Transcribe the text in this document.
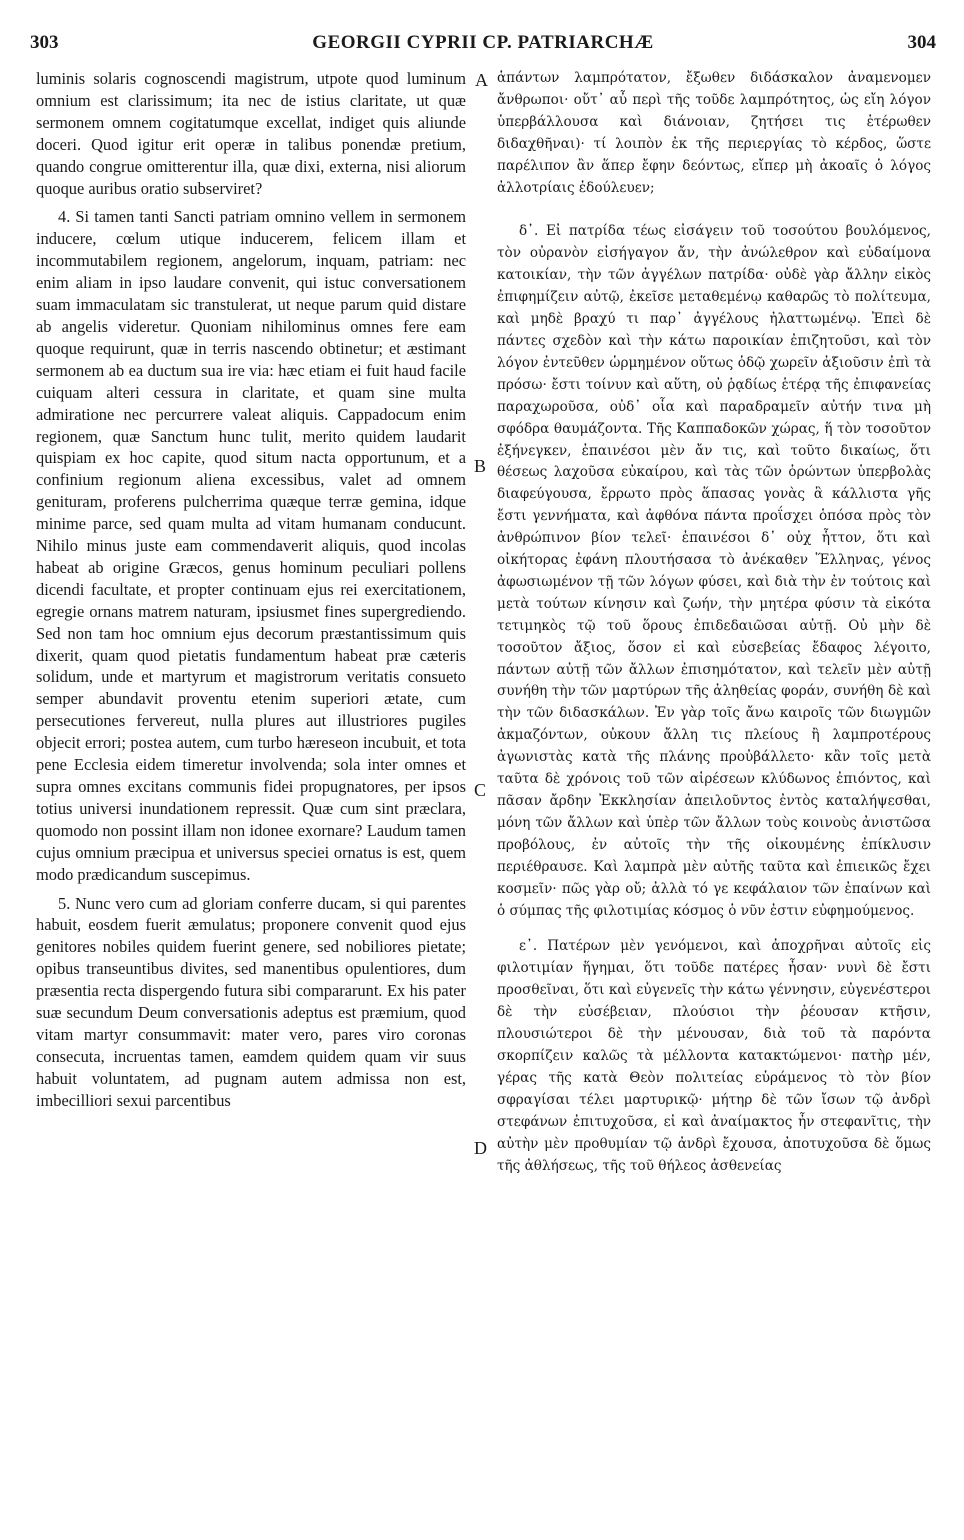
303	GEORGII CYPRII CP. PATRIARCHÆ	304

luminis solaris cognoscendi magistrum, utpote quod luminum omnium est clarissimum; ita nec de istius claritate, ut quæ sermonem omnem cogitatumque excellat, indiget quis aliunde doceri. Quod igitur erit operæ in talibus ponendæ pretium, quando congrue omitterentur illa, quæ dixi, externa, nisi aliorum quoque auribus oratio subserviret?

4. Si tamen tanti Sancti patriam omnino vellem in sermonem inducere, cœlum utique inducerem, felicem illam et incommutabilem regionem, angelorum, inquam, patriam: nec enim aliam in ipso laudare convenit, qui istuc conversationem suam immaculatam sic transtulerat, ut neque parum quid distare ab angelis videretur. Quoniam nihilominus omnes fere eam quoque requirunt, quæ in terris nascendo obtinetur; et æstimant sermonem ab ea ductum sua ire via: hæc etiam ei fuit haud facile cuiquam alteri cessura in claritate, et quam sine multa admiratione nec percurrere valeat aliquis. Cappadocum enim regionem, quæ Sanctum hunc tulit, merito quidem laudarit quispiam ex hoc capite, quod situm nacta opportunum, et a confinium regionum aliena excessibus, valet ad omnem genituram, proferens pulcherrima quæque terræ gemina, idque minime parce, sed quam multa ad vitam humanam conducunt. Nihilo minus juste eam commendaverit aliquis, quod incolas habeat ab origine Græcos, genus hominum peculiari pollens dicendi facultate, et propter continuam ejus rei exercitationem, egregie ornans matrem naturam, ipsiusmet fines supergrediendo. Sed non tam hoc omnium ejus decorum præstantissimum quis dixerit, quam quod pietatis fundamentum habeat præ cæteris solidum, unde et martyrum et magistrorum veritatis consueto semper abundavit proventu etenim superiori ætate, cum persecutiones fervereut, nulla plures aut illustriores pugiles objecit errori; postea autem, cum turbo hæreseon incubuit, et tota pene Ecclesia eidem timeretur involvenda; sola inter omnes et supra omnes excitans communis fidei propugnatores, per ipsos totius universi inundationem repressit. Quæ cum sint præclara, quomodo non possint illam non idonee exornare? Laudum tamen cujus omnium præcipua et universus speciei ornatus is est, quem modo prædicandum suscepimus.

5. Nunc vero cum ad gloriam conferre ducam, si qui parentes habuit, eosdem fuerit æmulatus; proponere convenit quod ejus genitores nobiles quidem fuerint genere, sed nobiliores pietate; opibus transeuntibus divites, sed manentibus opulentiores, dum præsentia recta dispergendo futura sibi compararunt. Ex his pater suæ secundum Deum conversationis adeptus est præmium, quod vitam martyr consummavit: mater vero, pares viro coronas consecuta, incruentas tamen, eamdem quidem quam vir suus habuit voluntatem, ad pugnam autem admissa non est, imbecilliori sexui parcentibus

A
B
C
D

ἁπάντων λαμπρότατον, ἔξωθεν διδάσκαλον ἀναμενομεν ἄνθρωποι· οὔτ᾽ αὖ περὶ τῆς τοῦδε λαμπρότητος, ὡς εἴη λόγον ὑπερβάλλουσα καὶ διάνοιαν, ζητήσει τις ἑτέρωθεν διδαχθῆναι)· τί λοιπὸν ἐκ τῆς περιεργίας τὸ κέρδος, ὥστε παρέλιπον ἂν ἅπερ ἔφην δεόντως, εἴπερ μὴ ἀκοαῖς ὁ λόγος ἀλλοτρίαις ἐδούλευεν;

δ᾽. Εἰ πατρίδα τέως εἰσάγειν τοῦ τοσούτου βουλόμενος, τὸν οὐρανὸν εἰσήγαγον ἄν, τὴν ἀνώλεθρον καὶ εὐδαίμονα κατοικίαν, τὴν τῶν ἀγγέλων πατρίδα· οὐδὲ γὰρ ἄλλην εἰκὸς ἐπιφημίζειν αὐτῷ, ἐκεῖσε μεταθεμένῳ καθαρῶς τὸ πολίτευμα, καὶ μηδὲ βραχύ τι παρ᾽ ἀγγέλους ἠλαττωμένῳ. Ἐπεὶ δὲ πάντες σχεδὸν καὶ τὴν κάτω παροικίαν ἐπιζητοῦσι, καὶ τὸν λόγον ἐντεῦθεν ὡρμημένον οὕτως ὁδῷ χωρεῖν ἀξιοῦσιν ἐπὶ τὰ πρόσω· ἔστι τοίνυν καὶ αὕτη, οὐ ῥᾳδίως ἑτέρᾳ τῆς ἐπιφανείας παραχωροῦσα, οὐδ᾽ οἷα καὶ παραδραμεῖν αὐτήν τινα μὴ σφόδρα θαυμάζοντα. Τῆς Καππαδοκῶν χώρας, ἥ τὸν τοσοῦτον ἐξήνεγκεν, ἐπαινέσοι μὲν ἄν τις, καὶ τοῦτο δικαίως, ὅτι θέσεως λαχοῦσα εὐκαίρου, καὶ τὰς τῶν ὁρώντων ὑπερβολὰς διαφεύγουσα, ἔρρωτο πρὸς ἅπασας γονὰς ἃ κάλλιστα γῆς ἔστι γεννήματα, καὶ ἀφθόνα πάντα προΐσχει ὁπόσα πρὸς τὸν ἀνθρώπινον βίον τελεῖ· ἐπαινέσοι δ᾽ οὐχ ἧττον, ὅτι καὶ οἰκήτορας ἐφάνη πλουτήσασα τὸ ἀνέκαθεν Ἕλληνας, γένος ἀφωσιωμένον τῇ τῶν λόγων φύσει, καὶ διὰ τὴν ἐν τούτοις καὶ μετὰ τούτων κίνησιν καὶ ζωήν, τὴν μητέρα φύσιν τὰ εἰκότα τετιμηκὸς τῷ τοῦ ὅρους ἐπιδεδαιῶσαι αὐτῇ. Οὐ μὴν δὲ τοσοῦτον ἄξιος, ὅσον εἰ καὶ εὐσεβείας ἔδαφος λέγοιτο, πάντων αὐτῇ τῶν ἄλλων ἐπισημότατον, καὶ τελεῖν μὲν αὐτῇ συνήθη τὴν τῶν μαρτύρων τῆς ἀληθείας φοράν, συνήθη δὲ καὶ τὴν τῶν διδασκάλων. Ἐν γὰρ τοῖς ἄνω καιροῖς τῶν διωγμῶν ἀκμαζόντων, οὐκουν ἄλλη τις πλείους ἢ λαμπροτέρους ἀγωνιστὰς κατὰ τῆς πλάνης προὐβάλλετο· κἂν τοῖς μετὰ ταῦτα δὲ χρόνοις τοῦ τῶν αἱρέσεων κλύδωνος ἐπιόντος, καὶ πᾶσαν ἄρδην Ἐκκλησίαν ἀπειλοῦντος ἐντὸς καταλήψεσθαι, μόνη τῶν ἄλλων καὶ ὑπὲρ τῶν ἄλλων τοὺς κοινοὺς ἀνιστῶσα προβόλους, ἐν αὐτοῖς τὴν τῆς οἰκουμένης ἐπίκλυσιν περιέθραυσε. Καὶ λαμπρὰ μὲν αὐτῆς ταῦτα καὶ ἐπιεικῶς ἔχει κοσμεῖν· πῶς γὰρ οὔ; ἀλλὰ τό γε κεφάλαιον τῶν ἐπαίνων καὶ ὁ σύμπας τῆς φιλοτιμίας κόσμος ὁ νῦν ἐστιν εὐφημούμενος.

ε᾽. Πατέρων μὲν γενόμενοι, καὶ ἀποχρῆναι αὐτοῖς εἰς φιλοτιμίαν ἥγημαι, ὅτι τοῦδε πατέρες ἦσαν· νυνὶ δὲ ἔστι προσθεῖναι, ὅτι καὶ εὐγενεῖς τὴν κάτω γέννησιν, εὐγενέστεροι δὲ τὴν εὐσέβειαν, πλούσιοι τὴν ῥέουσαν κτῆσιν, πλουσιώτεροι δὲ τὴν μένουσαν, διὰ τοῦ τὰ παρόντα σκορπίζειν καλῶς τὰ μέλλοντα κατακτώμενοι· πατὴρ μέν, γέρας τῆς κατὰ Θεὸν πολιτείας εὑράμενος τὸ τὸν βίον σφραγίσαι τέλει μαρτυρικῷ· μήτηρ δὲ τῶν ἴσων τῷ ἀνδρὶ στεφάνων ἐπιτυχοῦσα, εἰ καὶ ἀναίμακτος ἦν στεφανῖτις, τὴν αὐτὴν μὲν προθυμίαν τῷ ἀνδρὶ ἔχουσα, ἀποτυχοῦσα δὲ ὅμως τῆς ἀθλήσεως, τῆς τοῦ θήλεος ἀσθενείας
